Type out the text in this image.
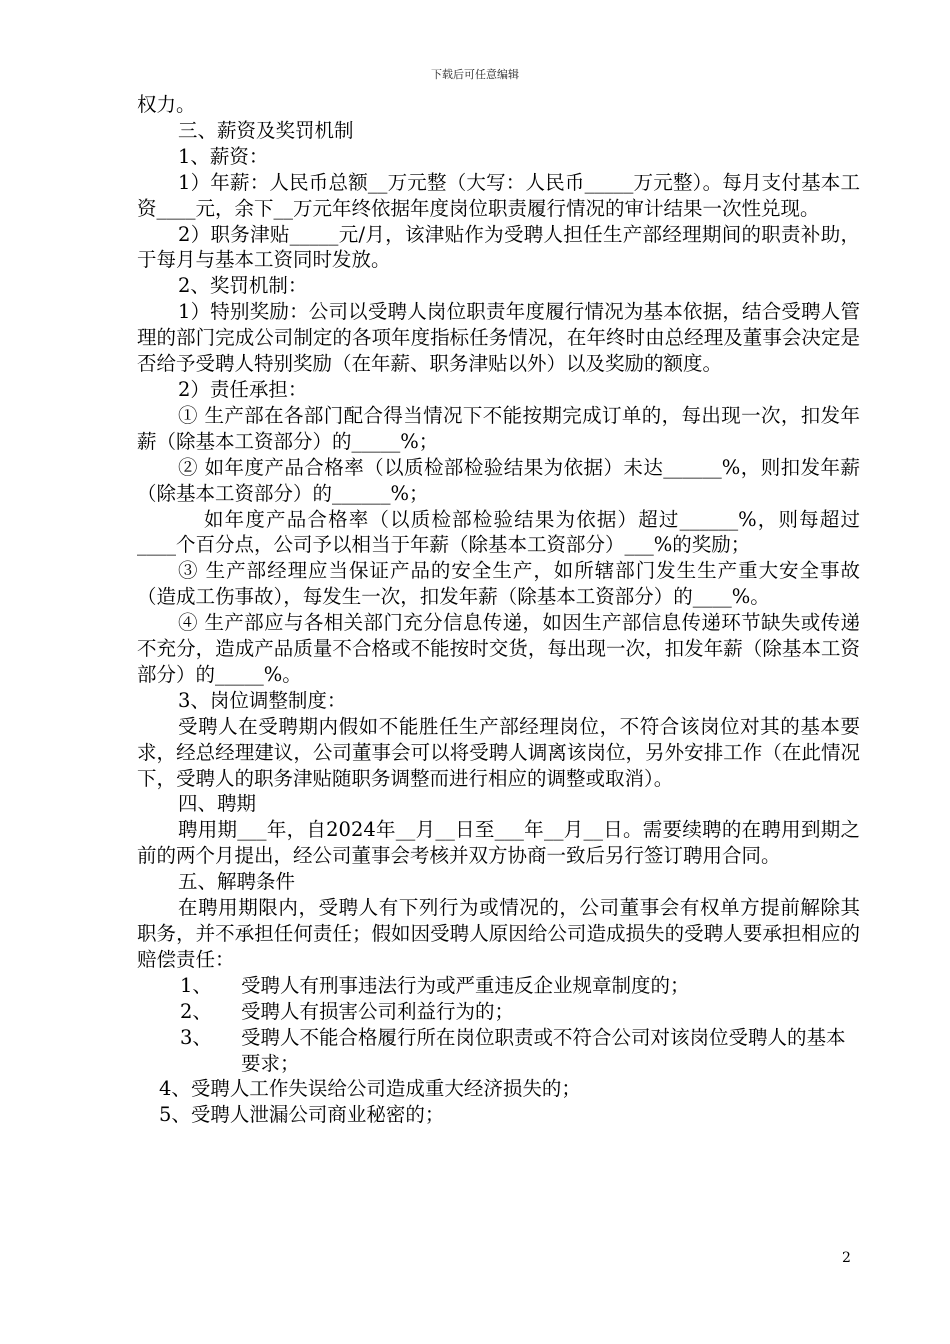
下载后可任意编辑

权力。

三、薪资及奖罚机制

1、薪资：

1）年薪：人民币总额__万元整（大写：人民币_____万元整）。每月支付基本工资____元，余下__万元年终依据年度岗位职责履行情况的审计结果一次性兑现。

2）职务津贴_____元/月，该津贴作为受聘人担任生产部经理期间的职责补助，于每月与基本工资同时发放。

2、奖罚机制：

1）特别奖励：公司以受聘人岗位职责年度履行情况为基本依据，结合受聘人管理的部门完成公司制定的各项年度指标任务情况，在年终时由总经理及董事会决定是否给予受聘人特别奖励（在年薪、职务津贴以外）以及奖励的额度。

2）责任承担：

① 生产部在各部门配合得当情况下不能按期完成订单的，每出现一次，扣发年薪（除基本工资部分）的_____%；

② 如年度产品合格率（以质检部检验结果为依据）未达______%，则扣发年薪（除基本工资部分）的______%；

如年度产品合格率（以质检部检验结果为依据）超过______%，则每超过____个百分点，公司予以相当于年薪（除基本工资部分）___%的奖励；

③ 生产部经理应当保证产品的安全生产，如所辖部门发生生产重大安全事故（造成工伤事故），每发生一次，扣发年薪（除基本工资部分）的____%。

④ 生产部应与各相关部门充分信息传递，如因生产部信息传递环节缺失或传递不充分，造成产品质量不合格或不能按时交货，每出现一次，扣发年薪（除基本工资部分）的_____%。

3、岗位调整制度：

受聘人在受聘期内假如不能胜任生产部经理岗位，不符合该岗位对其的基本要求，经总经理建议，公司董事会可以将受聘人调离该岗位，另外安排工作（在此情况下，受聘人的职务津贴随职务调整而进行相应的调整或取消）。

四、聘期

聘用期___年，自2024年__月__日至___年__月__日。需要续聘的在聘用到期之前的两个月提出，经公司董事会考核并双方协商一致后另行签订聘用合同。

五、解聘条件

在聘用期限内，受聘人有下列行为或情况的，公司董事会有权单方提前解除其职务，并不承担任何责任；假如因受聘人原因给公司造成损失的受聘人要承担相应的赔偿责任：

1、	受聘人有刑事违法行为或严重违反企业规章制度的；
2、	受聘人有损害公司利益行为的；
3、	受聘人不能合格履行所在岗位职责或不符合公司对该岗位受聘人的基本要求；

4、受聘人工作失误给公司造成重大经济损失的；

5、受聘人泄漏公司商业秘密的；

2
